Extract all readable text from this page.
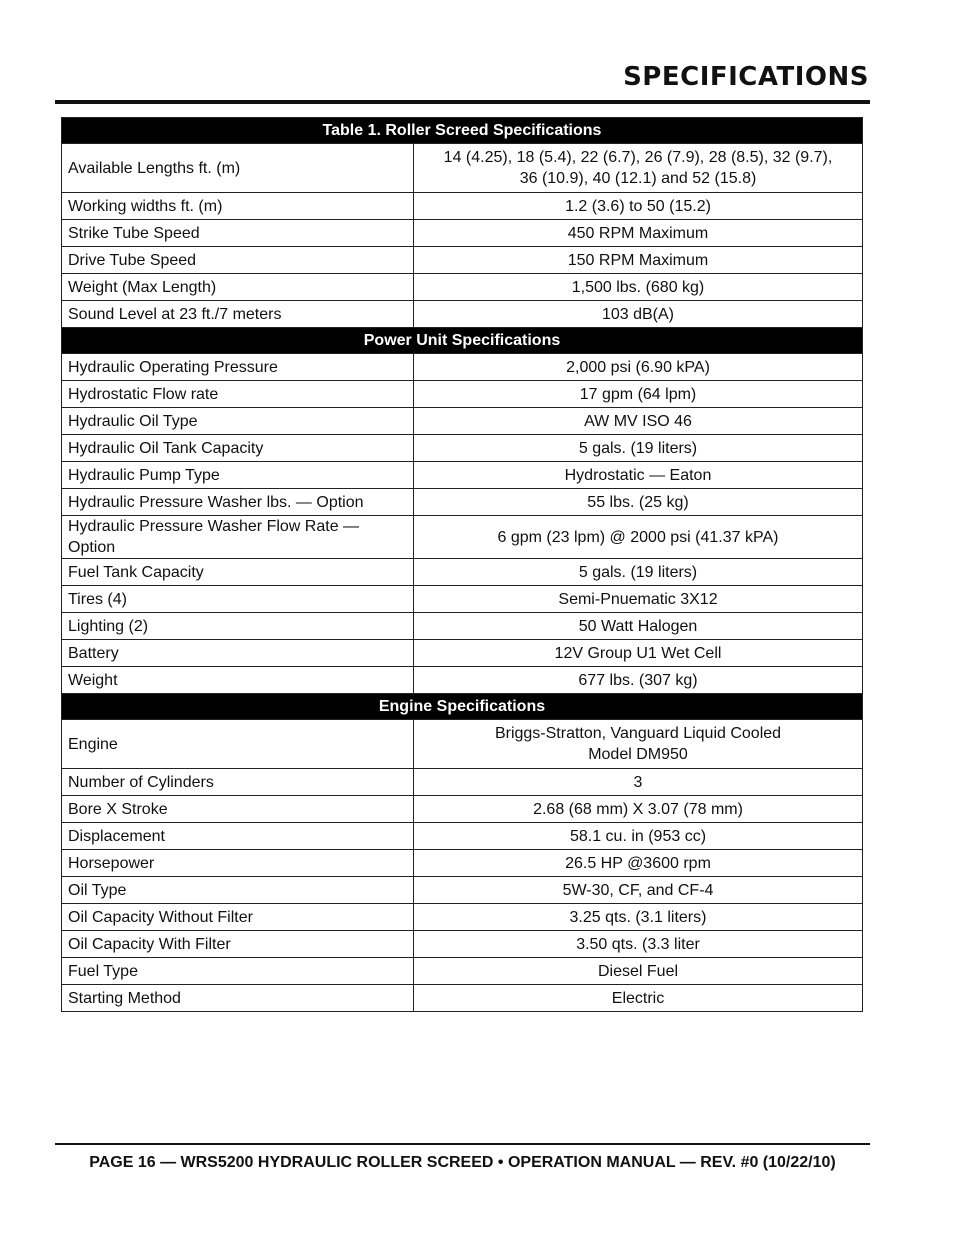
SPECIFICATIONS
Table 1. Roller Screed Specifications	
Available Lengths ft. (m)	14 (4.25), 18 (5.4), 22 (6.7), 26 (7.9), 28 (8.5), 32 (9.7),
36 (10.9), 40 (12.1) and 52 (15.8)
Working widths ft. (m)	1.2 (3.6) to 50 (15.2)
Strike Tube Speed	450 RPM Maximum
Drive Tube Speed	150 RPM Maximum
Weight (Max Length)	1,500 lbs. (680 kg)
Sound Level at 23 ft./7 meters	103 dB(A)
Power Unit Specifications	
Hydraulic Operating Pressure	2,000 psi (6.90 kPA)
Hydrostatic Flow rate	17 gpm (64 lpm)
Hydraulic Oil Type	AW MV ISO 46
Hydraulic Oil Tank Capacity	5 gals. (19 liters)
Hydraulic Pump Type	Hydrostatic — Eaton
Hydraulic Pressure Washer lbs. — Option	55 lbs. (25 kg)
Hydraulic Pressure Washer Flow Rate — Option	6 gpm (23 lpm) @ 2000 psi (41.37 kPA)
Fuel Tank Capacity	5 gals. (19 liters)
Tires (4)	Semi-Pnuematic 3X12
Lighting (2)	50 Watt Halogen
Battery	12V Group U1 Wet Cell
Weight	677 lbs. (307 kg)
Engine Specifications	
Engine	Briggs-Stratton, Vanguard Liquid Cooled
Model DM950
Number of Cylinders	3
Bore X Stroke	2.68 (68 mm) X 3.07 (78 mm)
Displacement	58.1 cu. in (953 cc)
Horsepower	26.5 HP @3600 rpm
Oil Type	5W-30, CF, and CF-4
Oil Capacity Without Filter	3.25 qts. (3.1 liters)
Oil Capacity With Filter	3.50 qts. (3.3 liter
Fuel Type	Diesel Fuel
Starting Method	Electric
PAGE 16 — WRS5200 HYDRAULIC ROLLER SCREED • OPERATION MANUAL — REV. #0 (10/22/10)
